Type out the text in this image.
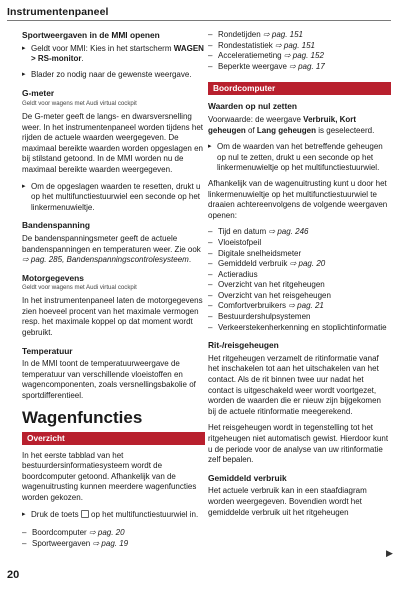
Instrumentenpaneel
Sportweergaven in de MMI openen
▸ Geldt voor MMI: Kies in het startscherm WAGEN > RS-monitor.
▸ Blader zo nodig naar de gewenste weergave.
G-meter
Geldt voor wagens met Audi virtual cockpit

De G-meter geeft de langs- en dwarsversnelling weer. In het instrumentenpaneel worden tijdens het rijden de actuele waarden weergegeven. De maximaal bereikte waarden worden opgeslagen en bij stilstand getoond. In de MMI worden nu de maximaal bereikte waarden weergegeven.

▸ Om de opgeslagen waarden te resetten, drukt u op het multifunctiestuurwiel een seconde op het linkermenuwieltje.
Bandenspanning

De bandenspanningsmeter geeft de actuele bandenspanningen en temperaturen weer. Zie ook ⇨ pag. 285, Bandenspanningscontrolesysteem.

Motorgegevens
Geldt voor wagens met Audi virtual cockpit

In het instrumentenpaneel laten de motorgegevens zien hoeveel procent van het maximale vermogen resp. het maximale koppel op dat moment wordt gebruikt.

Temperatuur

In de MMI toont de temperatuurweergave de temperatuur van verschillende vloeistoffen en wagencomponenten, zoals versnellingsbakolie of sportdifferentieel.

Wagenfuncties
Overzicht

In het eerste tabblad van het bestuurdersinformatiesysteem wordt de boordcomputer getoond. Afhankelijk van de wagenuitrusting kunnen meerdere wagenfuncties worden gekozen.

▸ Druk de toets  op het multifunctiestuurwiel in.
– Boordcomputer ⇨ pag. 20
– Sportweergaven ⇨ pag. 19
– Rondetijden ⇨ pag. 151
– Rondestatistiek ⇨ pag. 151
– Acceleratiemeting ⇨ pag. 152
– Beperkte weergave ⇨ pag. 17
Boordcomputer
Waarden op nul zetten

Voorwaarde: de weergave Verbruik, Kort geheugen of Lang geheugen is geselecteerd.

▸ Om de waarden van het betreffende geheugen op nul te zetten, drukt u een seconde op het linkermenuwieltje op het multifunctiestuurwiel.

Afhankelijk van de wagenuitrusting kunt u door het linkermenuwieltje op het multifunctiestuurwiel te draaien achtereenvolgens de volgende weergaven openen:

– Tijd en datum ⇨ pag. 246
– Vloeistofpeil
– Digitale snelheidsmeter
– Gemiddeld verbruik ⇨ pag. 20
– Actieradius
– Overzicht van het ritgeheugen
– Overzicht van het reisgeheugen
– Comfortverbruikers ⇨ pag. 21
– Bestuurdershulpsystemen
– Verkeerstekenherkenning en stoplichtinformatie
Rit-/reisgeheugen

Het ritgeheugen verzamelt de ritinformatie vanaf het inschakelen tot aan het uitschakelen van het contact. Als de rit binnen twee uur nadat het contact is uitgeschakeld weer wordt voortgezet, worden de waarden die er nieuw zijn bijgekomen bij de actuele ritinformatie meegerekend.

Het reisgeheugen wordt in tegenstelling tot het ritgeheugen niet automatisch gewist. Hierdoor kunt u de periode voor de analyse van uw ritinformatie zelf bepalen.

Gemiddeld verbruik

Het actuele verbruik kan in een staafdiagram worden weergegeven. Bovendien wordt het gemiddelde verbruik uit het ritgeheugen

▶
20
